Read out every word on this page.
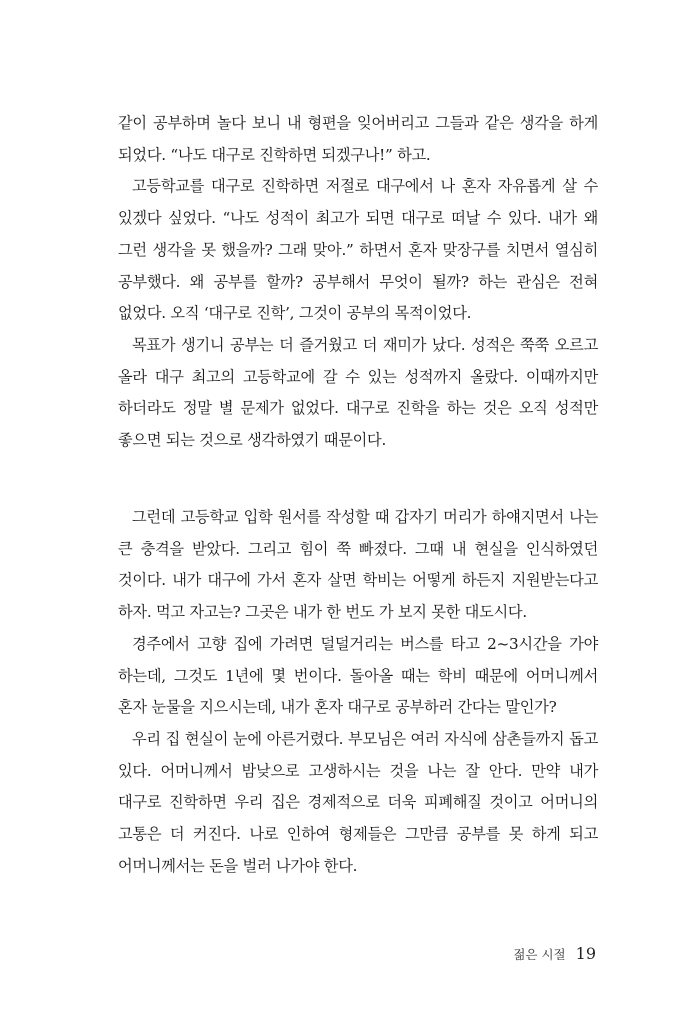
같이 공부하며 놀다 보니 내 형편을 잊어버리고 그들과 같은 생각을 하게 되었다. “나도 대구로 진학하면 되겠구나!” 하고.

고등학교를 대구로 진학하면 저절로 대구에서 나 혼자 자유롭게 살 수 있겠다 싶었다. “나도 성적이 최고가 되면 대구로 떠날 수 있다. 내가 왜 그런 생각을 못 했을까? 그래 맞아.” 하면서 혼자 맞장구를 치면서 열심히 공부했다. 왜 공부를 할까? 공부해서 무엇이 될까? 하는 관심은 전혀 없었다. 오직 ‘대구로 진학’, 그것이 공부의 목적이었다.

목표가 생기니 공부는 더 즐거웠고 더 재미가 났다. 성적은 쭉쭉 오르고 올라 대구 최고의 고등학교에 갈 수 있는 성적까지 올랐다. 이때까지만 하더라도 정말 별 문제가 없었다. 대구로 진학을 하는 것은 오직 성적만 좋으면 되는 것으로 생각하였기 때문이다.

그런데 고등학교 입학 원서를 작성할 때 갑자기 머리가 하얘지면서 나는 큰 충격을 받았다. 그리고 힘이 쭉 빠졌다. 그때 내 현실을 인식하였던 것이다. 내가 대구에 가서 혼자 살면 학비는 어떻게 하든지 지원받는다고 하자. 먹고 자고는? 그곳은 내가 한 번도 가 보지 못한 대도시다.

경주에서 고향 집에 가려면 덜덜거리는 버스를 타고 2~3시간을 가야 하는데, 그것도 1년에 몇 번이다. 돌아올 때는 학비 때문에 어머니께서 혼자 눈물을 지으시는데, 내가 혼자 대구로 공부하러 간다는 말인가?

우리 집 현실이 눈에 아른거렸다. 부모님은 여러 자식에 삼촌들까지 돕고 있다. 어머니께서 밤낮으로 고생하시는 것을 나는 잘 안다. 만약 내가 대구로 진학하면 우리 집은 경제적으로 더욱 피폐해질 것이고 어머니의 고통은 더 커진다. 나로 인하여 형제들은 그만큼 공부를 못 하게 되고 어머니께서는 돈을 벌러 나가야 한다.

젊은 시절 19
